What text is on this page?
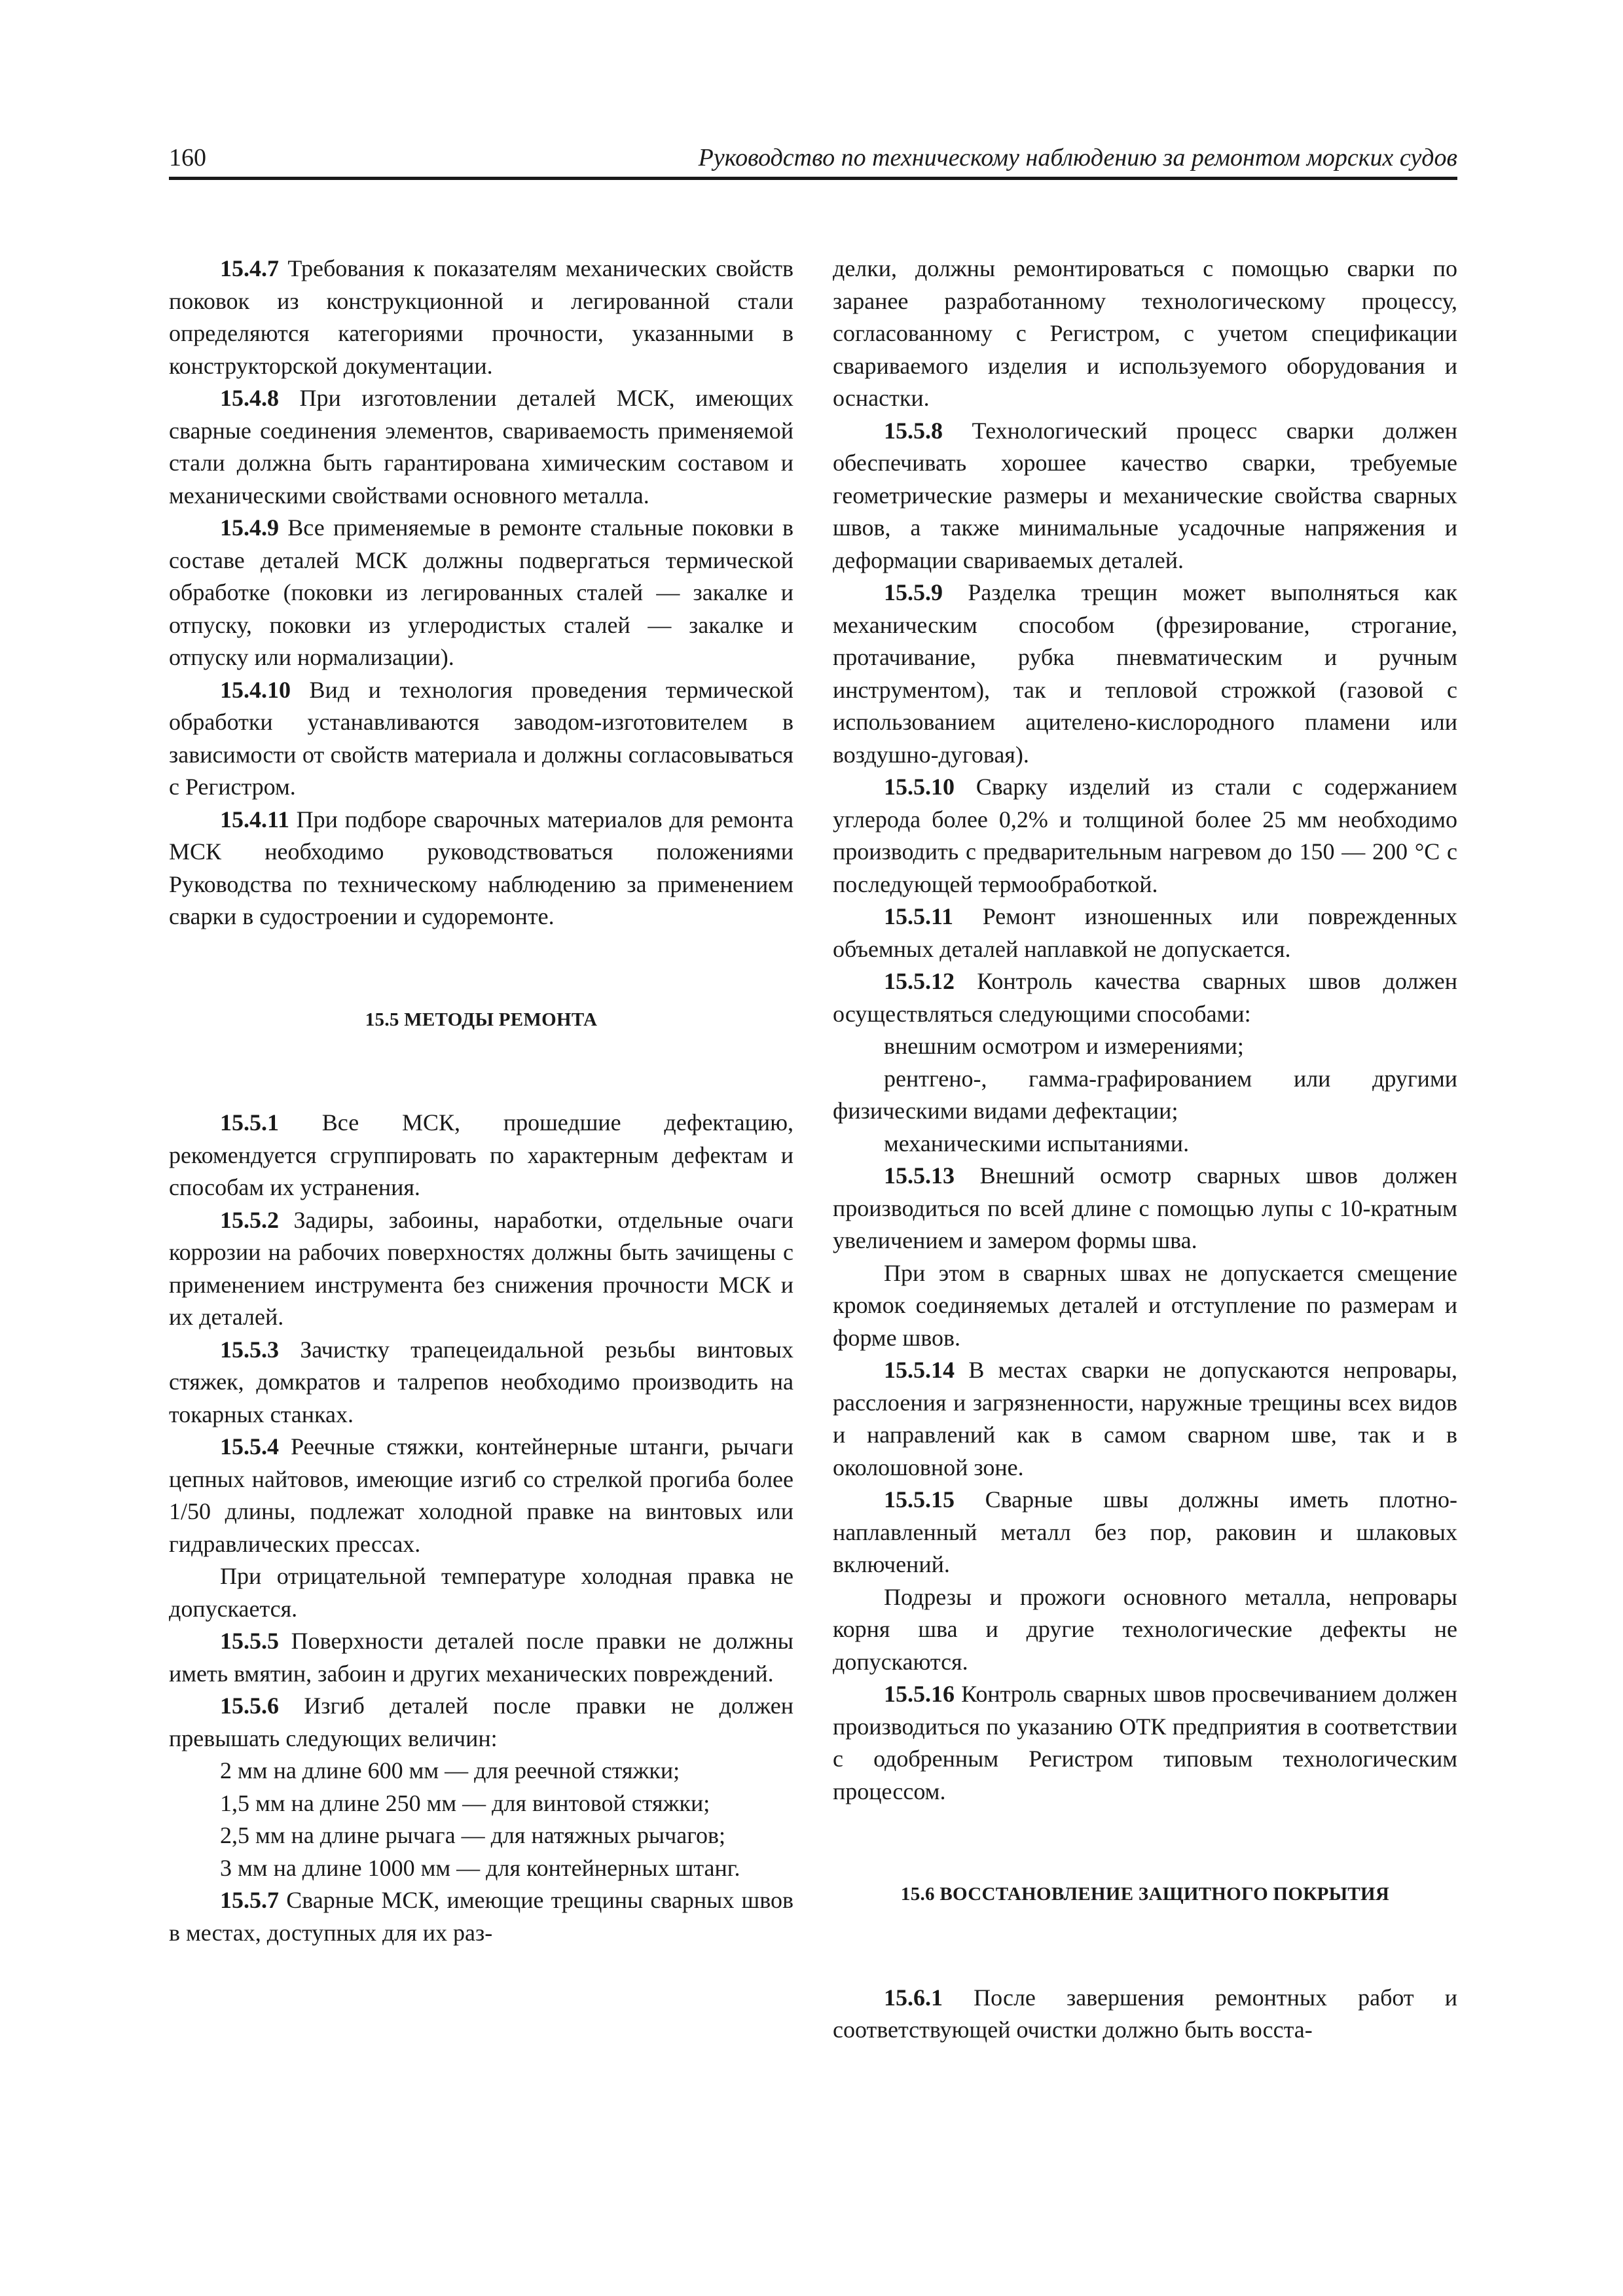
160	Руководство по техническому наблюдению за ремонтом морских судов

15.4.7 Требования к показателям механических свойств поковок из конструкционной и легированной стали определяются категориями прочности, указанными в конструкторской документации.

15.4.8 При изготовлении деталей МСК, имеющих сварные соединения элементов, свариваемость применяемой стали должна быть гарантирована химическим составом и механическими свойствами основного металла.

15.4.9 Все применяемые в ремонте стальные поковки в составе деталей МСК должны подвергаться термической обработке (поковки из легированных сталей — закалке и отпуску, поковки из углеродистых сталей — закалке и отпуску или нормализации).

15.4.10 Вид и технология проведения термической обработки устанавливаются заводом-изготовителем в зависимости от свойств материала и должны согласовываться с Регистром.

15.4.11 При подборе сварочных материалов для ремонта МСК необходимо руководствоваться положениями Руководства по техническому наблюдению за применением сварки в судостроении и судоремонте.

15.5 МЕТОДЫ РЕМОНТА

15.5.1 Все МСК, прошедшие дефектацию, рекомендуется сгруппировать по характерным дефектам и способам их устранения.

15.5.2 Задиры, забоины, наработки, отдельные очаги коррозии на рабочих поверхностях должны быть зачищены с применением инструмента без снижения прочности МСК и их деталей.

15.5.3 Зачистку трапецеидальной резьбы винтовых стяжек, домкратов и талрепов необходимо производить на токарных станках.

15.5.4 Реечные стяжки, контейнерные штанги, рычаги цепных найтовов, имеющие изгиб со стрелкой прогиба более 1/50 длины, подлежат холодной правке на винтовых или гидравлических прессах.

При отрицательной температуре холодная правка не допускается.

15.5.5 Поверхности деталей после правки не должны иметь вмятин, забоин и других механических повреждений.

15.5.6 Изгиб деталей после правки не должен превышать следующих величин:

2 мм на длине 600 мм — для реечной стяжки;

1,5 мм на длине 250 мм — для винтовой стяжки;

2,5 мм на длине рычага — для натяжных рычагов;

3 мм на длине 1000 мм — для контейнерных штанг.

15.5.7 Сварные МСК, имеющие трещины сварных швов в местах, доступных для их раз-

делки, должны ремонтироваться с помощью сварки по заранее разработанному технологическому процессу, согласованному с Регистром, с учетом спецификации свариваемого изделия и используемого оборудования и оснастки.

15.5.8 Технологический процесс сварки должен обеспечивать хорошее качество сварки, требуемые геометрические размеры и механические свойства сварных швов, а также минимальные усадочные напряжения и деформации свариваемых деталей.

15.5.9 Разделка трещин может выполняться как механическим способом (фрезирование, строгание, протачивание, рубка пневматическим и ручным инструментом), так и тепловой строжкой (газовой с использованием ацителено-кислородного пламени или воздушно-дуговая).

15.5.10 Сварку изделий из стали с содержанием углерода более 0,2% и толщиной более 25 мм необходимо производить с предварительным нагревом до 150 — 200 °С с последующей термообработкой.

15.5.11 Ремонт изношенных или поврежденных объемных деталей наплавкой не допускается.

15.5.12 Контроль качества сварных швов должен осуществляться следующими способами:

внешним осмотром и измерениями;

рентгено-, гамма-графированием или другими физическими видами дефектации;

механическими испытаниями.

15.5.13 Внешний осмотр сварных швов должен производиться по всей длине с помощью лупы с 10-кратным увеличением и замером формы шва.

При этом в сварных швах не допускается смещение кромок соединяемых деталей и отступление по размерам и форме швов.

15.5.14 В местах сварки не допускаются непровары, расслоения и загрязненности, наружные трещины всех видов и направлений как в самом сварном шве, так и в околошовной зоне.

15.5.15 Сварные швы должны иметь плотнонаплавленный металл без пор, раковин и шлаковых включений.

Подрезы и прожоги основного металла, непровары корня шва и другие технологические дефекты не допускаются.

15.5.16 Контроль сварных швов просвечиванием должен производиться по указанию ОТК предприятия в соответствии с одобренным Регистром типовым технологическим процессом.

15.6 ВОССТАНОВЛЕНИЕ ЗАЩИТНОГО ПОКРЫТИЯ

15.6.1 После завершения ремонтных работ и соответствующей очистки должно быть восста-
